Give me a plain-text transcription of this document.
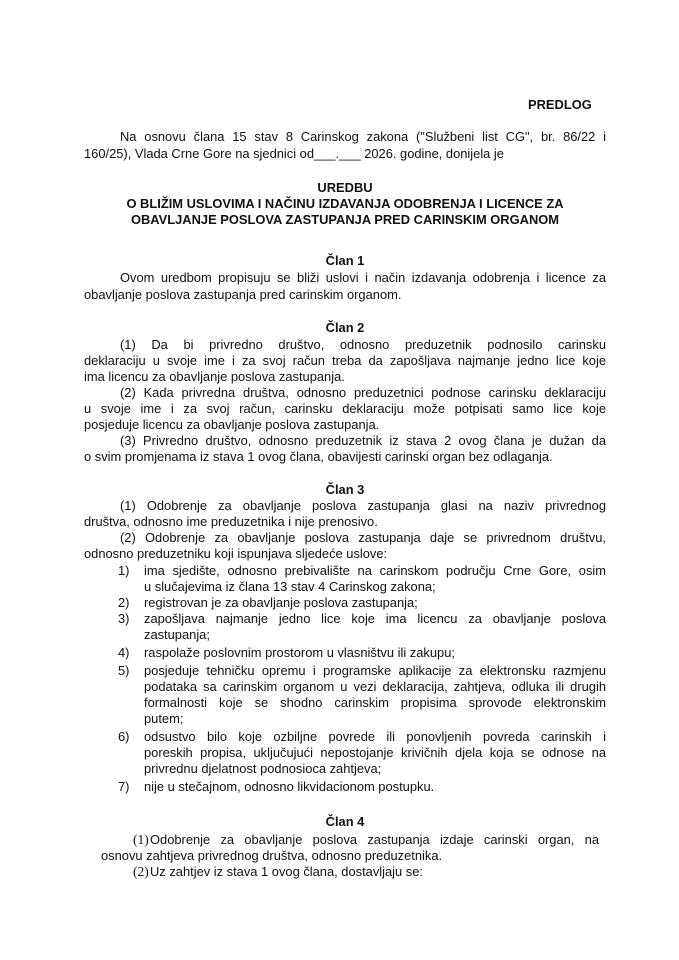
PREDLOG
Na osnovu člana 15 stav 8 Carinskog zakona ("Službeni list CG", br. 86/22 i
160/25), Vlada Crne Gore na sjednici od___.___ 2026. godine, donijela je
UREDBU
O BLIŽIM USLOVIMA I NAČINU IZDAVANJA ODOBRENJA I LICENCE ZA
OBAVLJANJE POSLOVA ZASTUPANJA PRED CARINSKIM ORGANOM
Član 1
Ovom uredbom propisuju se bliži uslovi i način izdavanja odobrenja i licence za
obavljanje poslova zastupanja pred carinskim organom.
Član 2
(1) Da bi privredno društvo, odnosno preduzetnik podnosilo carinsku
deklaraciju u svoje ime i za svoj račun treba da zapošljava najmanje jedno lice koje
ima licencu za obavljanje poslova zastupanja.
(2) Kada privredna društva, odnosno preduzetnici podnose carinsku deklaraciju
u svoje ime i za svoj račun, carinsku deklaraciju može potpisati samo lice koje
posjeduje licencu za obavljanje poslova zastupanja.
(3) Privredno društvo, odnosno preduzetnik iz stava 2 ovog člana je dužan da
o svim promjenama iz stava 1 ovog člana, obavijesti carinski organ bez odlaganja.
Član 3
(1) Odobrenje za obavljanje poslova zastupanja glasi na naziv privrednog
društva, odnosno ime preduzetnika i nije prenosivo.
(2) Odobrenje za obavljanje poslova zastupanja daje se privrednom društvu,
odnosno preduzetniku koji ispunjava sljedeće uslove:
1) ima sjedište, odnosno prebivalište na carinskom području Crne Gore, osim
u slučajevima iz člana 13 stav 4 Carinskog zakona;
2) registrovan je za obavljanje poslova zastupanja;
3) zapošljava najmanje jedno lice koje ima licencu za obavljanje poslova
zastupanja;
4) raspolaže poslovnim prostorom u vlasništvu ili zakupu;
5) posjeduje tehničku opremu i programske aplikacije za elektronsku razmjenu
podataka sa carinskim organom u vezi deklaracija, zahtjeva, odluka ili drugih
formalnosti koje se shodno carinskim propisima sprovode elektronskim
putem;
6) odsustvo bilo koje ozbiljne povrede ili ponovljenih povreda carinskih i
poreskih propisa, uključujući nepostojanje krivičnih djela koja se odnose na
privrednu djelatnost podnosioca zahtjeva;
7) nije u stečajnom, odnosno likvidacionom postupku.
Član 4
(1) Odobrenje za obavljanje poslova zastupanja izdaje carinski organ, na
osnovu zahtjeva privrednog društva, odnosno preduzetnika.
(2) Uz zahtjev iz stava 1 ovog člana, dostavljaju se:
